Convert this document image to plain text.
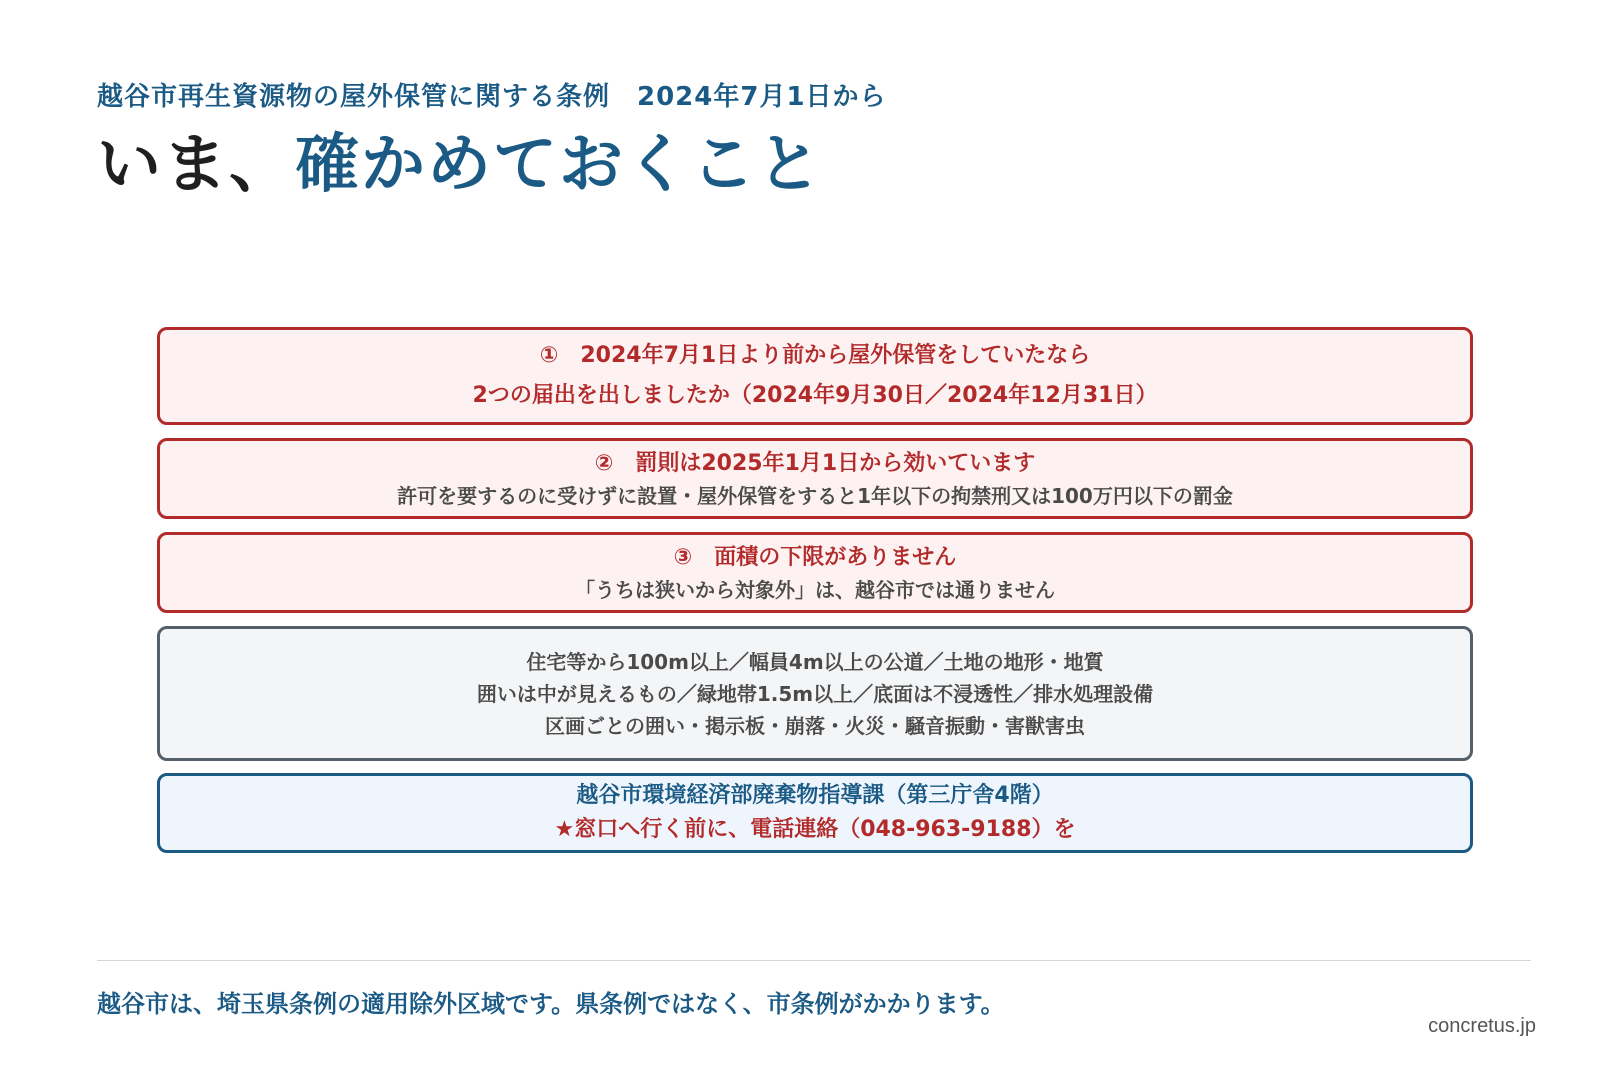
越谷市再生資源物の屋外保管に関する条例　2024年7月1日から
いま、確かめておくこと
①　2024年7月1日より前から屋外保管をしていたなら
2つの届出を出しましたか（2024年9月30日／2024年12月31日）
②　罰則は2025年1月1日から効いています
許可を要するのに受けずに設置・屋外保管をすると1年以下の拘禁刑又は100万円以下の罰金
③　面積の下限がありません
「うちは狭いから対象外」は、越谷市では通りません
住宅等から100m以上／幅員4m以上の公道／土地の地形・地質
囲いは中が見えるもの／緑地帯1.5m以上／底面は不浸透性／排水処理設備
区画ごとの囲い・掲示板・崩落・火災・騒音振動・害獣害虫
越谷市環境経済部廃棄物指導課（第三庁舎4階）
★窓口へ行く前に、電話連絡（048-963-9188）を
越谷市は、埼玉県条例の適用除外区域です。県条例ではなく、市条例がかかります。
concretus.jp
